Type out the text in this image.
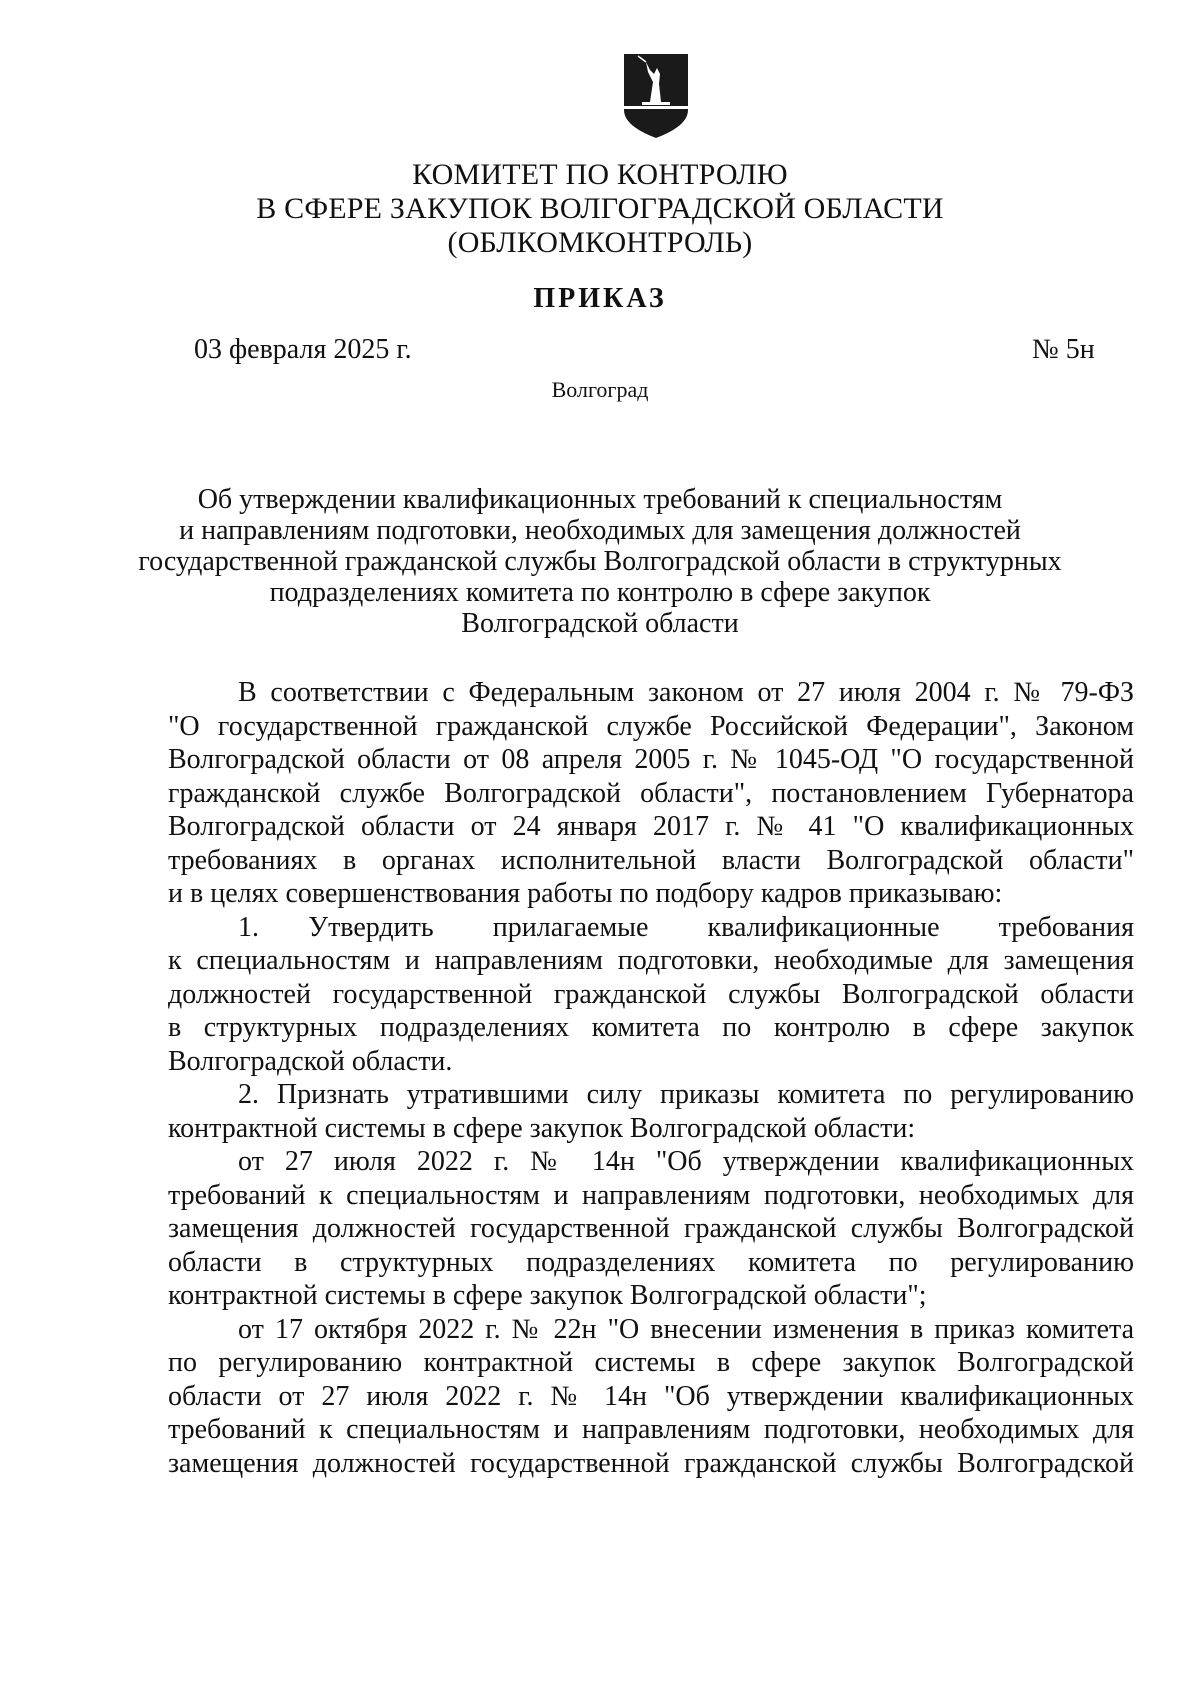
КОМИТЕТ ПО КОНТРОЛЮ
В СФЕРЕ ЗАКУПОК ВОЛГОГРАДСКОЙ ОБЛАСТИ
(ОБЛКОМКОНТРОЛЬ)
ПРИКАЗ
03 февраля 2025 г.	№ 5н
Волгоград
Об утверждении квалификационных требований к специальностям
и направлениям подготовки, необходимых для замещения должностей
государственной гражданской службы Волгоградской области в структурных
подразделениях комитета по контролю в сфере закупок
Волгоградской области
В соответствии с Федеральным законом от 27 июля 2004 г. № 79-ФЗ
"О государственной гражданской службе Российской Федерации", Законом
Волгоградской области от 08 апреля 2005 г. № 1045-ОД "О государственной
гражданской службе Волгоградской области", постановлением Губернатора
Волгоградской области от 24 января 2017 г. № 41 "О квалификационных
требованиях в органах исполнительной власти Волгоградской области"
и в целях совершенствования работы по подбору кадров приказываю:
1.     Утвердить      прилагаемые      квалификационные      требования
к специальностям и направлениям подготовки, необходимые для замещения
должностей государственной гражданской службы Волгоградской области
в структурных подразделениях комитета по контролю в сфере закупок
Волгоградской области.
2. Признать утратившими силу приказы комитета по регулированию
контрактной системы в сфере закупок Волгоградской области:
от 27 июля 2022 г. № 14н "Об утверждении квалификационных
требований к специальностям и направлениям подготовки, необходимых для
замещения должностей государственной гражданской службы Волгоградской
области в структурных подразделениях комитета по регулированию
контрактной системы в сфере закупок Волгоградской области";
от 17 октября 2022 г. № 22н "О внесении изменения в приказ комитета
по регулированию контрактной системы в сфере закупок Волгоградской
области от 27 июля 2022 г. № 14н "Об утверждении квалификационных
требований к специальностям и направлениям подготовки, необходимых для
замещения должностей государственной гражданской службы Волгоградской
